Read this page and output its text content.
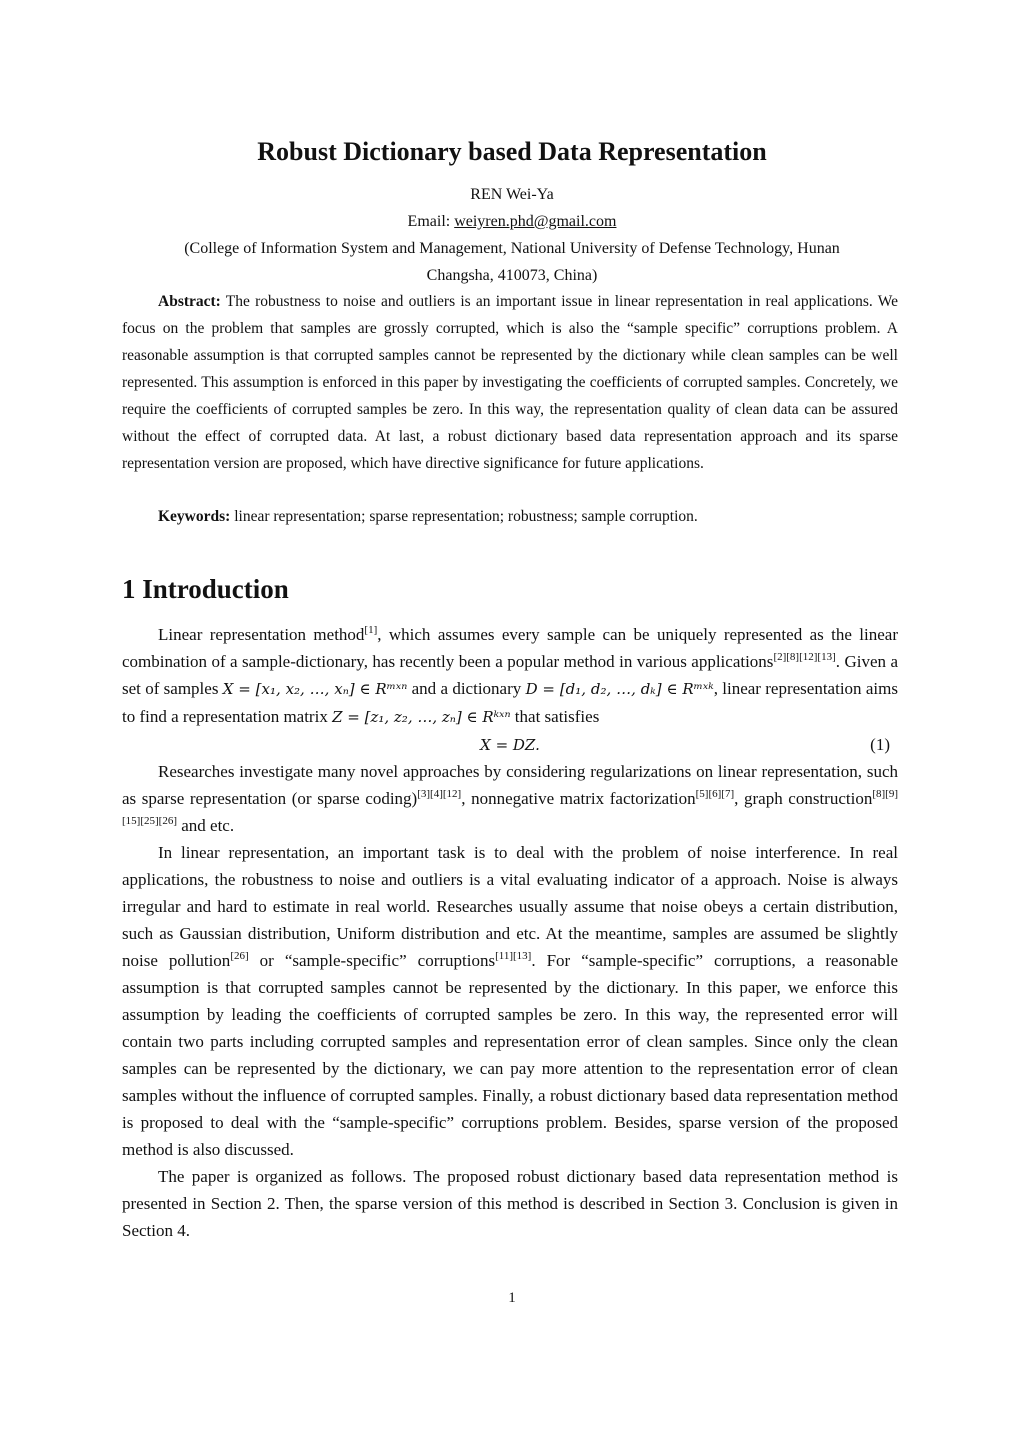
Robust Dictionary based Data Representation
REN Wei-Ya
Email: weiyren.phd@gmail.com
(College of Information System and Management, National University of Defense Technology, Hunan
Changsha, 410073, China)

Abstract: The robustness to noise and outliers is an important issue in linear representation in real applications. We focus on the problem that samples are grossly corrupted, which is also the “sample specific” corruptions problem. A reasonable assumption is that corrupted samples cannot be represented by the dictionary while clean samples can be well represented. This assumption is enforced in this paper by investigating the coefficients of corrupted samples. Concretely, we require the coefficients of corrupted samples be zero. In this way, the representation quality of clean data can be assured without the effect of corrupted data. At last, a robust dictionary based data representation approach and its sparse representation version are proposed, which have directive significance for future applications.

Keywords: linear representation; sparse representation; robustness; sample corruption.

1 Introduction

Linear representation method[1], which assumes every sample can be uniquely represented as the linear combination of a sample-dictionary, has recently been a popular method in various applications[2][8][12][13]. Given a set of samples X = [x₁, x₂, …, xₙ] ∈ Rᵐˣⁿ and a dictionary D = [d₁, d₂, …, dₖ] ∈ Rᵐˣᵏ, linear representation aims to find a representation matrix Z = [z₁, z₂, …, zₙ] ∈ Rᵏˣⁿ that satisfies

X = DZ.	(1)

Researches investigate many novel approaches by considering regularizations on linear representation, such as sparse representation (or sparse coding)[3][4][12], nonnegative matrix factorization[5][6][7], graph construction[8][9][15][25][26] and etc.

In linear representation, an important task is to deal with the problem of noise interference. In real applications, the robustness to noise and outliers is a vital evaluating indicator of a approach. Noise is always irregular and hard to estimate in real world. Researches usually assume that noise obeys a certain distribution, such as Gaussian distribution, Uniform distribution and etc. At the meantime, samples are assumed be slightly noise pollution[26] or “sample-specific” corruptions[11][13]. For “sample-specific” corruptions, a reasonable assumption is that corrupted samples cannot be represented by the dictionary. In this paper, we enforce this assumption by leading the coefficients of corrupted samples be zero. In this way, the represented error will contain two parts including corrupted samples and representation error of clean samples. Since only the clean samples can be represented by the dictionary, we can pay more attention to the representation error of clean samples without the influence of corrupted samples. Finally, a robust dictionary based data representation method is proposed to deal with the “sample-specific” corruptions problem. Besides, sparse version of the proposed method is also discussed.

The paper is organized as follows. The proposed robust dictionary based data representation method is presented in Section 2. Then, the sparse version of this method is described in Section 3. Conclusion is given in Section 4.

1
